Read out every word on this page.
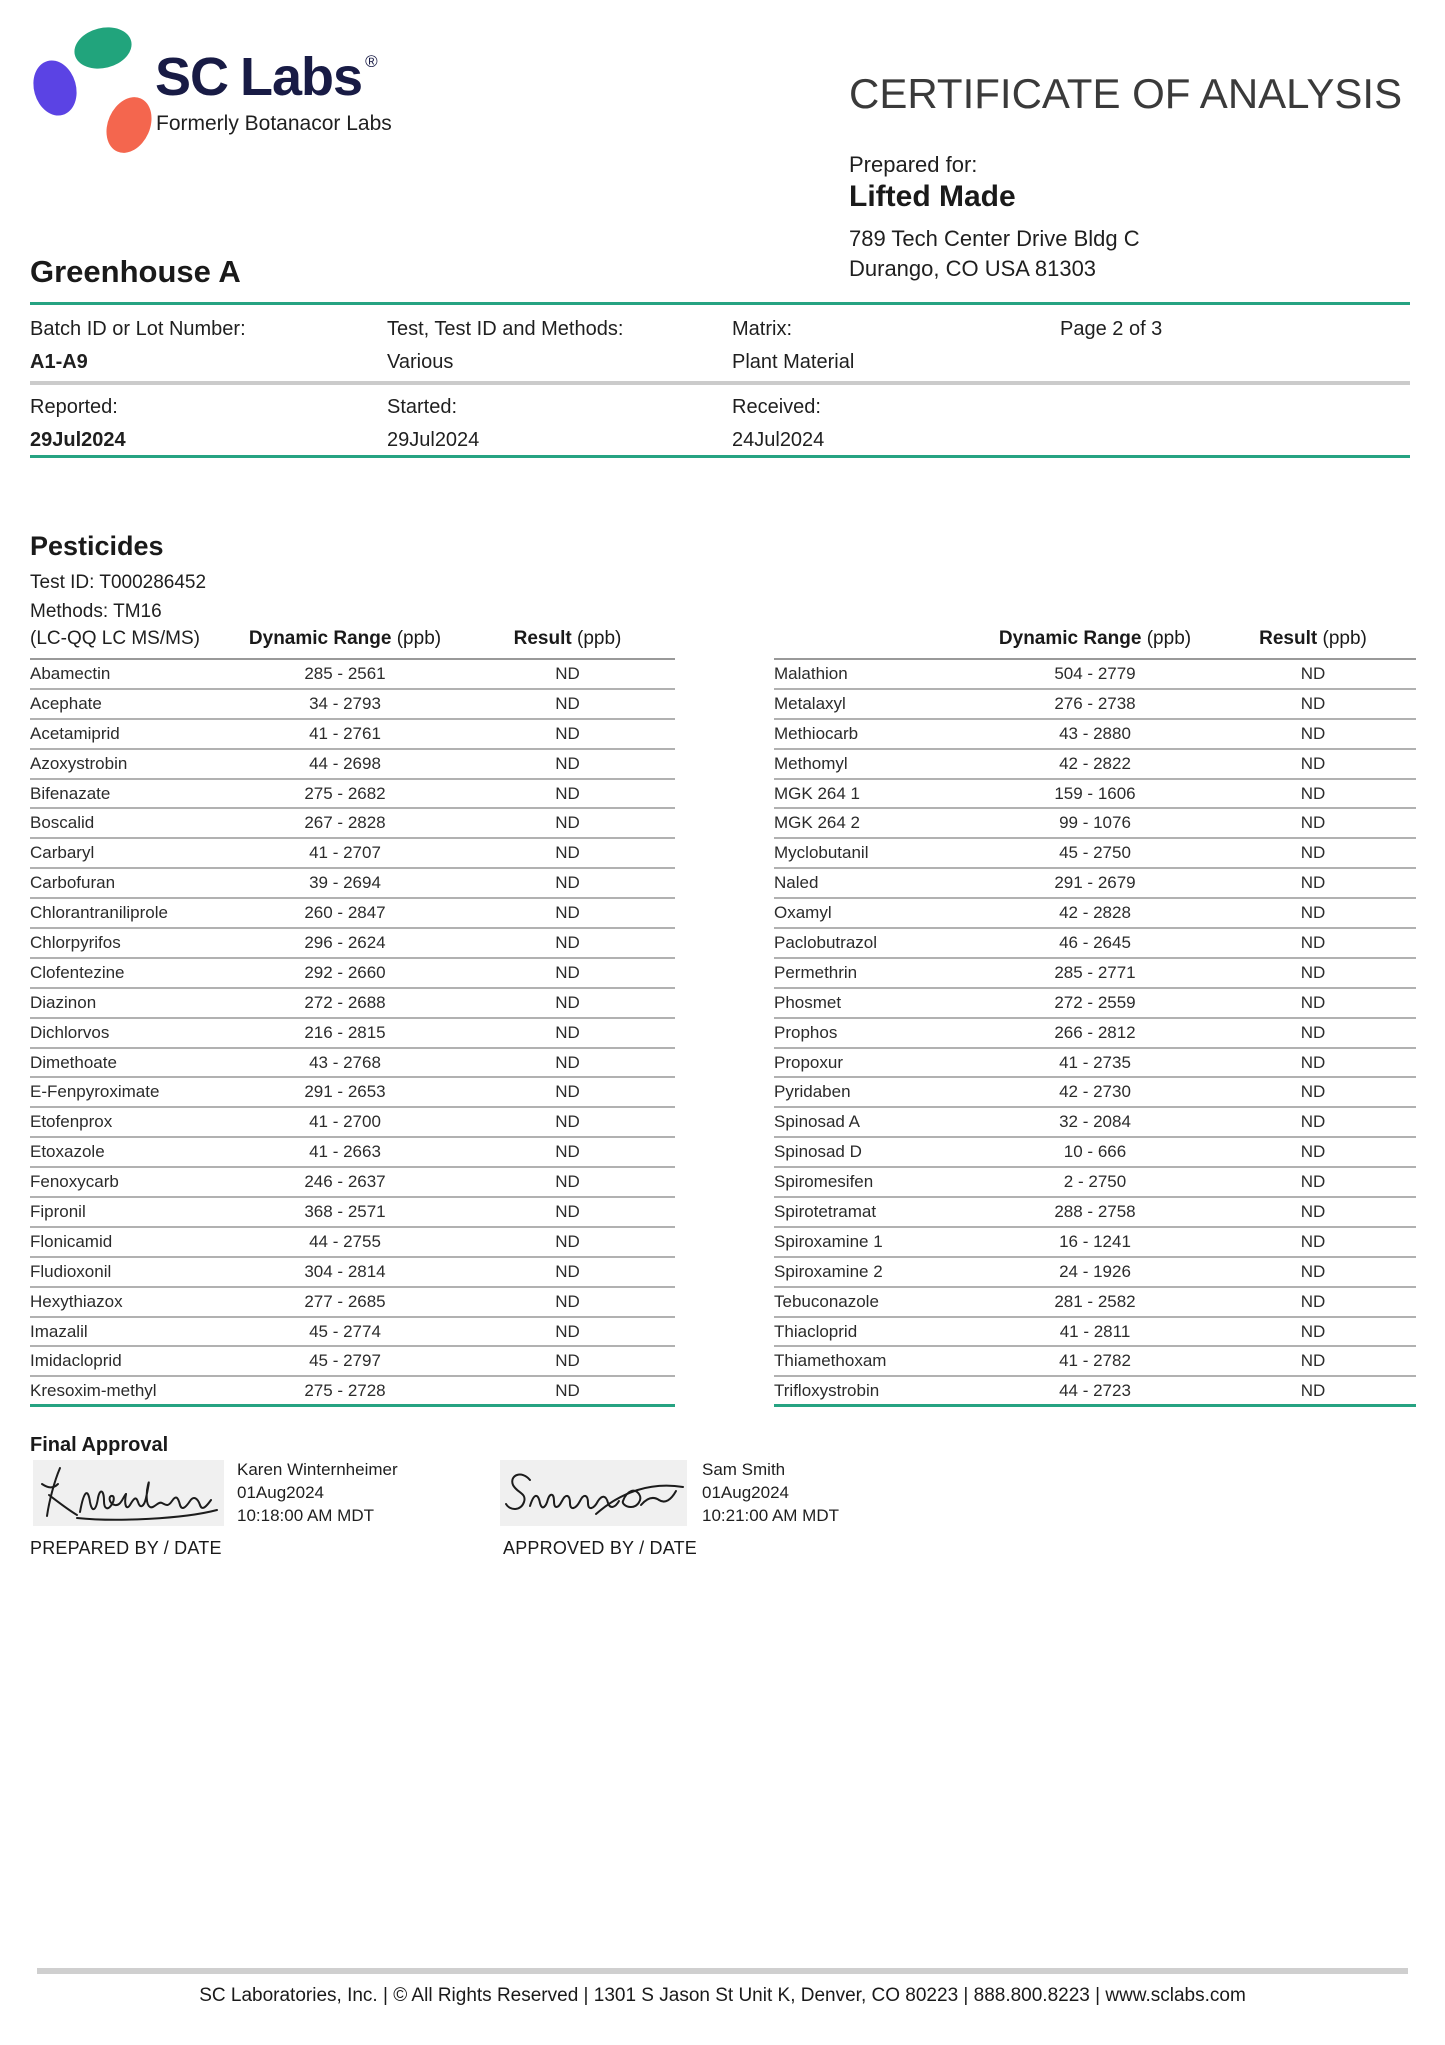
SC Labs ®
Formerly Botanacor Labs
CERTIFICATE OF ANALYSIS
Prepared for:
Lifted Made
789 Tech Center Drive Bldg C
Durango, CO USA 81303
Greenhouse A
Batch ID or Lot Number:
A1-A9
Test, Test ID and Methods:
Various
Matrix:
Plant Material
Page 2 of 3
Reported:
29Jul2024
Started:
29Jul2024
Received:
24Jul2024
Pesticides
Test ID: T000286452
Methods: TM16
(LC-QQ LC MS/MS)	Dynamic Range (ppb)	Result (ppb)	Dynamic Range (ppb)	Result (ppb)
Abamectin	285 - 2561	ND
Acephate	34 - 2793	ND
Acetamiprid	41 - 2761	ND
Azoxystrobin	44 - 2698	ND
Bifenazate	275 - 2682	ND
Boscalid	267 - 2828	ND
Carbaryl	41 - 2707	ND
Carbofuran	39 - 2694	ND
Chlorantraniliprole	260 - 2847	ND
Chlorpyrifos	296 - 2624	ND
Clofentezine	292 - 2660	ND
Diazinon	272 - 2688	ND
Dichlorvos	216 - 2815	ND
Dimethoate	43 - 2768	ND
E-Fenpyroximate	291 - 2653	ND
Etofenprox	41 - 2700	ND
Etoxazole	41 - 2663	ND
Fenoxycarb	246 - 2637	ND
Fipronil	368 - 2571	ND
Flonicamid	44 - 2755	ND
Fludioxonil	304 - 2814	ND
Hexythiazox	277 - 2685	ND
Imazalil	45 - 2774	ND
Imidacloprid	45 - 2797	ND
Kresoxim-methyl	275 - 2728	ND
Malathion	504 - 2779	ND
Metalaxyl	276 - 2738	ND
Methiocarb	43 - 2880	ND
Methomyl	42 - 2822	ND
MGK 264 1	159 - 1606	ND
MGK 264 2	99 - 1076	ND
Myclobutanil	45 - 2750	ND
Naled	291 - 2679	ND
Oxamyl	42 - 2828	ND
Paclobutrazol	46 - 2645	ND
Permethrin	285 - 2771	ND
Phosmet	272 - 2559	ND
Prophos	266 - 2812	ND
Propoxur	41 - 2735	ND
Pyridaben	42 - 2730	ND
Spinosad A	32 - 2084	ND
Spinosad D	10 - 666	ND
Spiromesifen	2 - 2750	ND
Spirotetramat	288 - 2758	ND
Spiroxamine 1	16 - 1241	ND
Spiroxamine 2	24 - 1926	ND
Tebuconazole	281 - 2582	ND
Thiacloprid	41 - 2811	ND
Thiamethoxam	41 - 2782	ND
Trifloxystrobin	44 - 2723	ND
Final Approval
Karen Winternheimer
01Aug2024
10:18:00 AM MDT
PREPARED BY / DATE
Sam Smith
01Aug2024
10:21:00 AM MDT
APPROVED BY / DATE
SC Laboratories, Inc. | © All Rights Reserved | 1301 S Jason St Unit K, Denver, CO 80223 | 888.800.8223 | www.sclabs.com
